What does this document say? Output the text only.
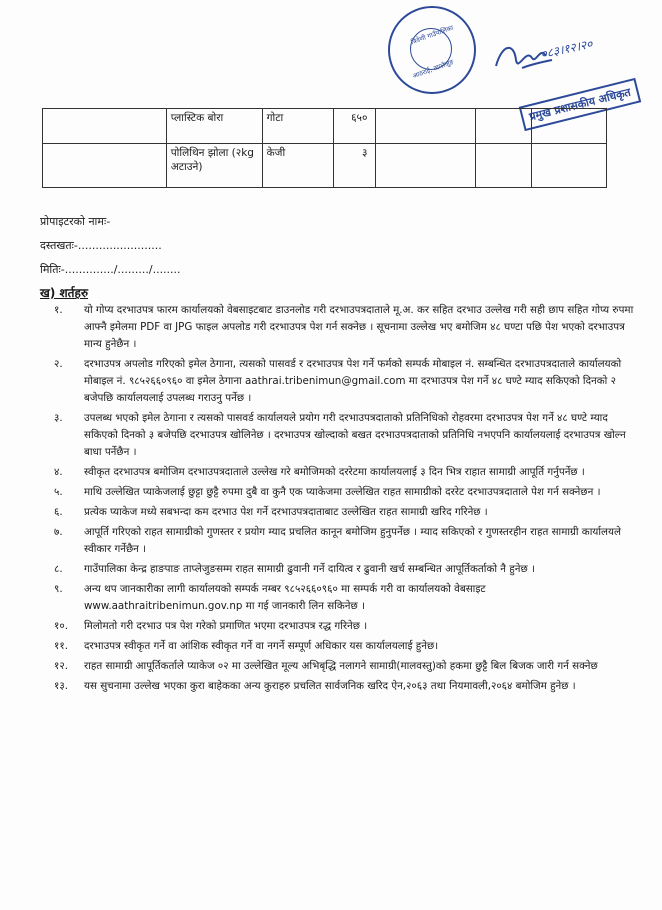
त्रिवेणी गाउँपालिका
आठराई, ताप्लेजुङ
०८३।१२।२०
प्रमुख प्रशासकीय अधिकृत
	प्लास्टिक बोरा	गोटा	६५०			
	पोलिथिन झोला (२kg अटाउने)	केजी	३			
प्रोपाइटरको नामः-
दस्तखतः-........................
मितिः-............../........./........
ख) शर्तहरु
१.	यो गोप्य दरभाउपत्र फारम कार्यालयको वेबसाइटबाट डाउनलोड गरी दरभाउपत्रदाताले मू.अ. कर सहित दरभाउ उल्लेख गरी सही छाप सहित गोप्य रुपमा आफ्नै इमेलमा PDF वा JPG फाइल अपलोड गरी दरभाउपत्र पेश गर्न सक्नेछ । सूचनामा उल्लेख भए बमोजिम ४८ घण्टा पछि पेश भएको दरभाउपत्र मान्य हुनेछैन ।
२.	दरभाउपत्र अपलोड गरिएको इमेल ठेगाना, त्यसको पासवर्ड र दरभाउपत्र पेश गर्ने फर्मको सम्पर्क मोबाइल नं. सम्बन्धित दरभाउपत्रदाताले कार्यालयको मोबाइल नं. ९८५२६६०९६० वा इमेल ठेगाना aathrai.tribenimun@gmail.com मा दरभाउपत्र पेश गर्ने ४८ घण्टे म्याद सकिएको दिनको २ बजेपछि कार्यालयलाई उपलब्ध गराउनु पर्नेछ ।
३.	उपलब्ध भएको इमेल ठेगाना र त्यसको पासवर्ड कार्यालयले प्रयोग गरी दरभाउपत्रदाताको प्रतिनिधिको रोहवरमा दरभाउपत्र पेश गर्ने ४८ घण्टे म्याद सकिएको दिनको ३ बजेपछि दरभाउपत्र खोलिनेछ । दरभाउपत्र खोल्दाको बखत दरभाउपत्रदाताको प्रतिनिधि नभएपनि कार्यालयलाई दरभाउपत्र खोल्न बाधा पर्नेछैन ।
४.	स्वीकृत दरभाउपत्र बमोजिम दरभाउपत्रदाताले उल्लेख गरे बमोजिमको दररेटमा कार्यालयलाई ३ दिन भित्र राहात सामाग्री आपूर्ति गर्नुपर्नेछ ।
५.	माथि उल्लेखित प्याकेजलाई छुट्टा छुट्टै रुपमा दुबै वा कुनै एक प्याकेजमा उल्लेखित राहत सामाग्रीको दररेट दरभाउपत्रदाताले पेश गर्न सक्नेछन ।
६.	प्रत्येक प्याकेज मध्ये सबभन्दा कम दरभाउ पेश गर्ने दरभाउपत्रदाताबाट उल्लेखित राहत सामाग्री खरिद गरिनेछ ।
७.	आपूर्ति गरिएको राहत सामाग्रीको गुणस्तर र प्रयोग म्याद प्रचलित कानून बमोजिम हुनुपर्नेछ । म्याद सकिएको र गुणस्तरहीन राहत सामाग्री कार्यालयले स्वीकार गर्नेछैन ।
८.	गाउँपालिका केन्द्र हाङपाङ ताप्लेजुङसम्म राहत सामाग्री ढुवानी गर्ने दायित्व र ढुवानी खर्च सम्बन्धित आपूर्तिकर्ताको नै हुनेछ ।
९.	अन्य थप जानकारीका लागी कार्यालयको सम्पर्क नम्बर ९८५२६६०९६० मा सम्पर्क गरी वा कार्यालयको वेबसाइट www.aathraitribenimun.gov.np मा गई जानकारी लिन सकिनेछ ।
१०.	मिलोमतो गरी दरभाउ पत्र पेश गरेको प्रमाणित भएमा दरभाउपत्र रद्ध गरिनेछ ।
११.	दरभाउपत्र स्वीकृत गर्ने वा आंशिक स्वीकृत गर्ने वा नगर्ने सम्पूर्ण अधिकार यस कार्यालयलाई हुनेछ।
१२.	राहत सामाग्री आपूर्तिकर्ताले प्याकेज ०२ मा उल्लेखित मूल्य अभिबृद्धि नलागने सामाग्री(मालवस्तु)को हकमा छुट्टै बिल बिजक जारी गर्न सक्नेछ
१३.	यस सुचनामा उल्लेख भएका कुरा बाहेकका अन्य कुराहरु प्रचलित सार्वजनिक खरिद ऐन,२०६३ तथा नियमावली,२०६४ बमोजिम हुनेछ ।
